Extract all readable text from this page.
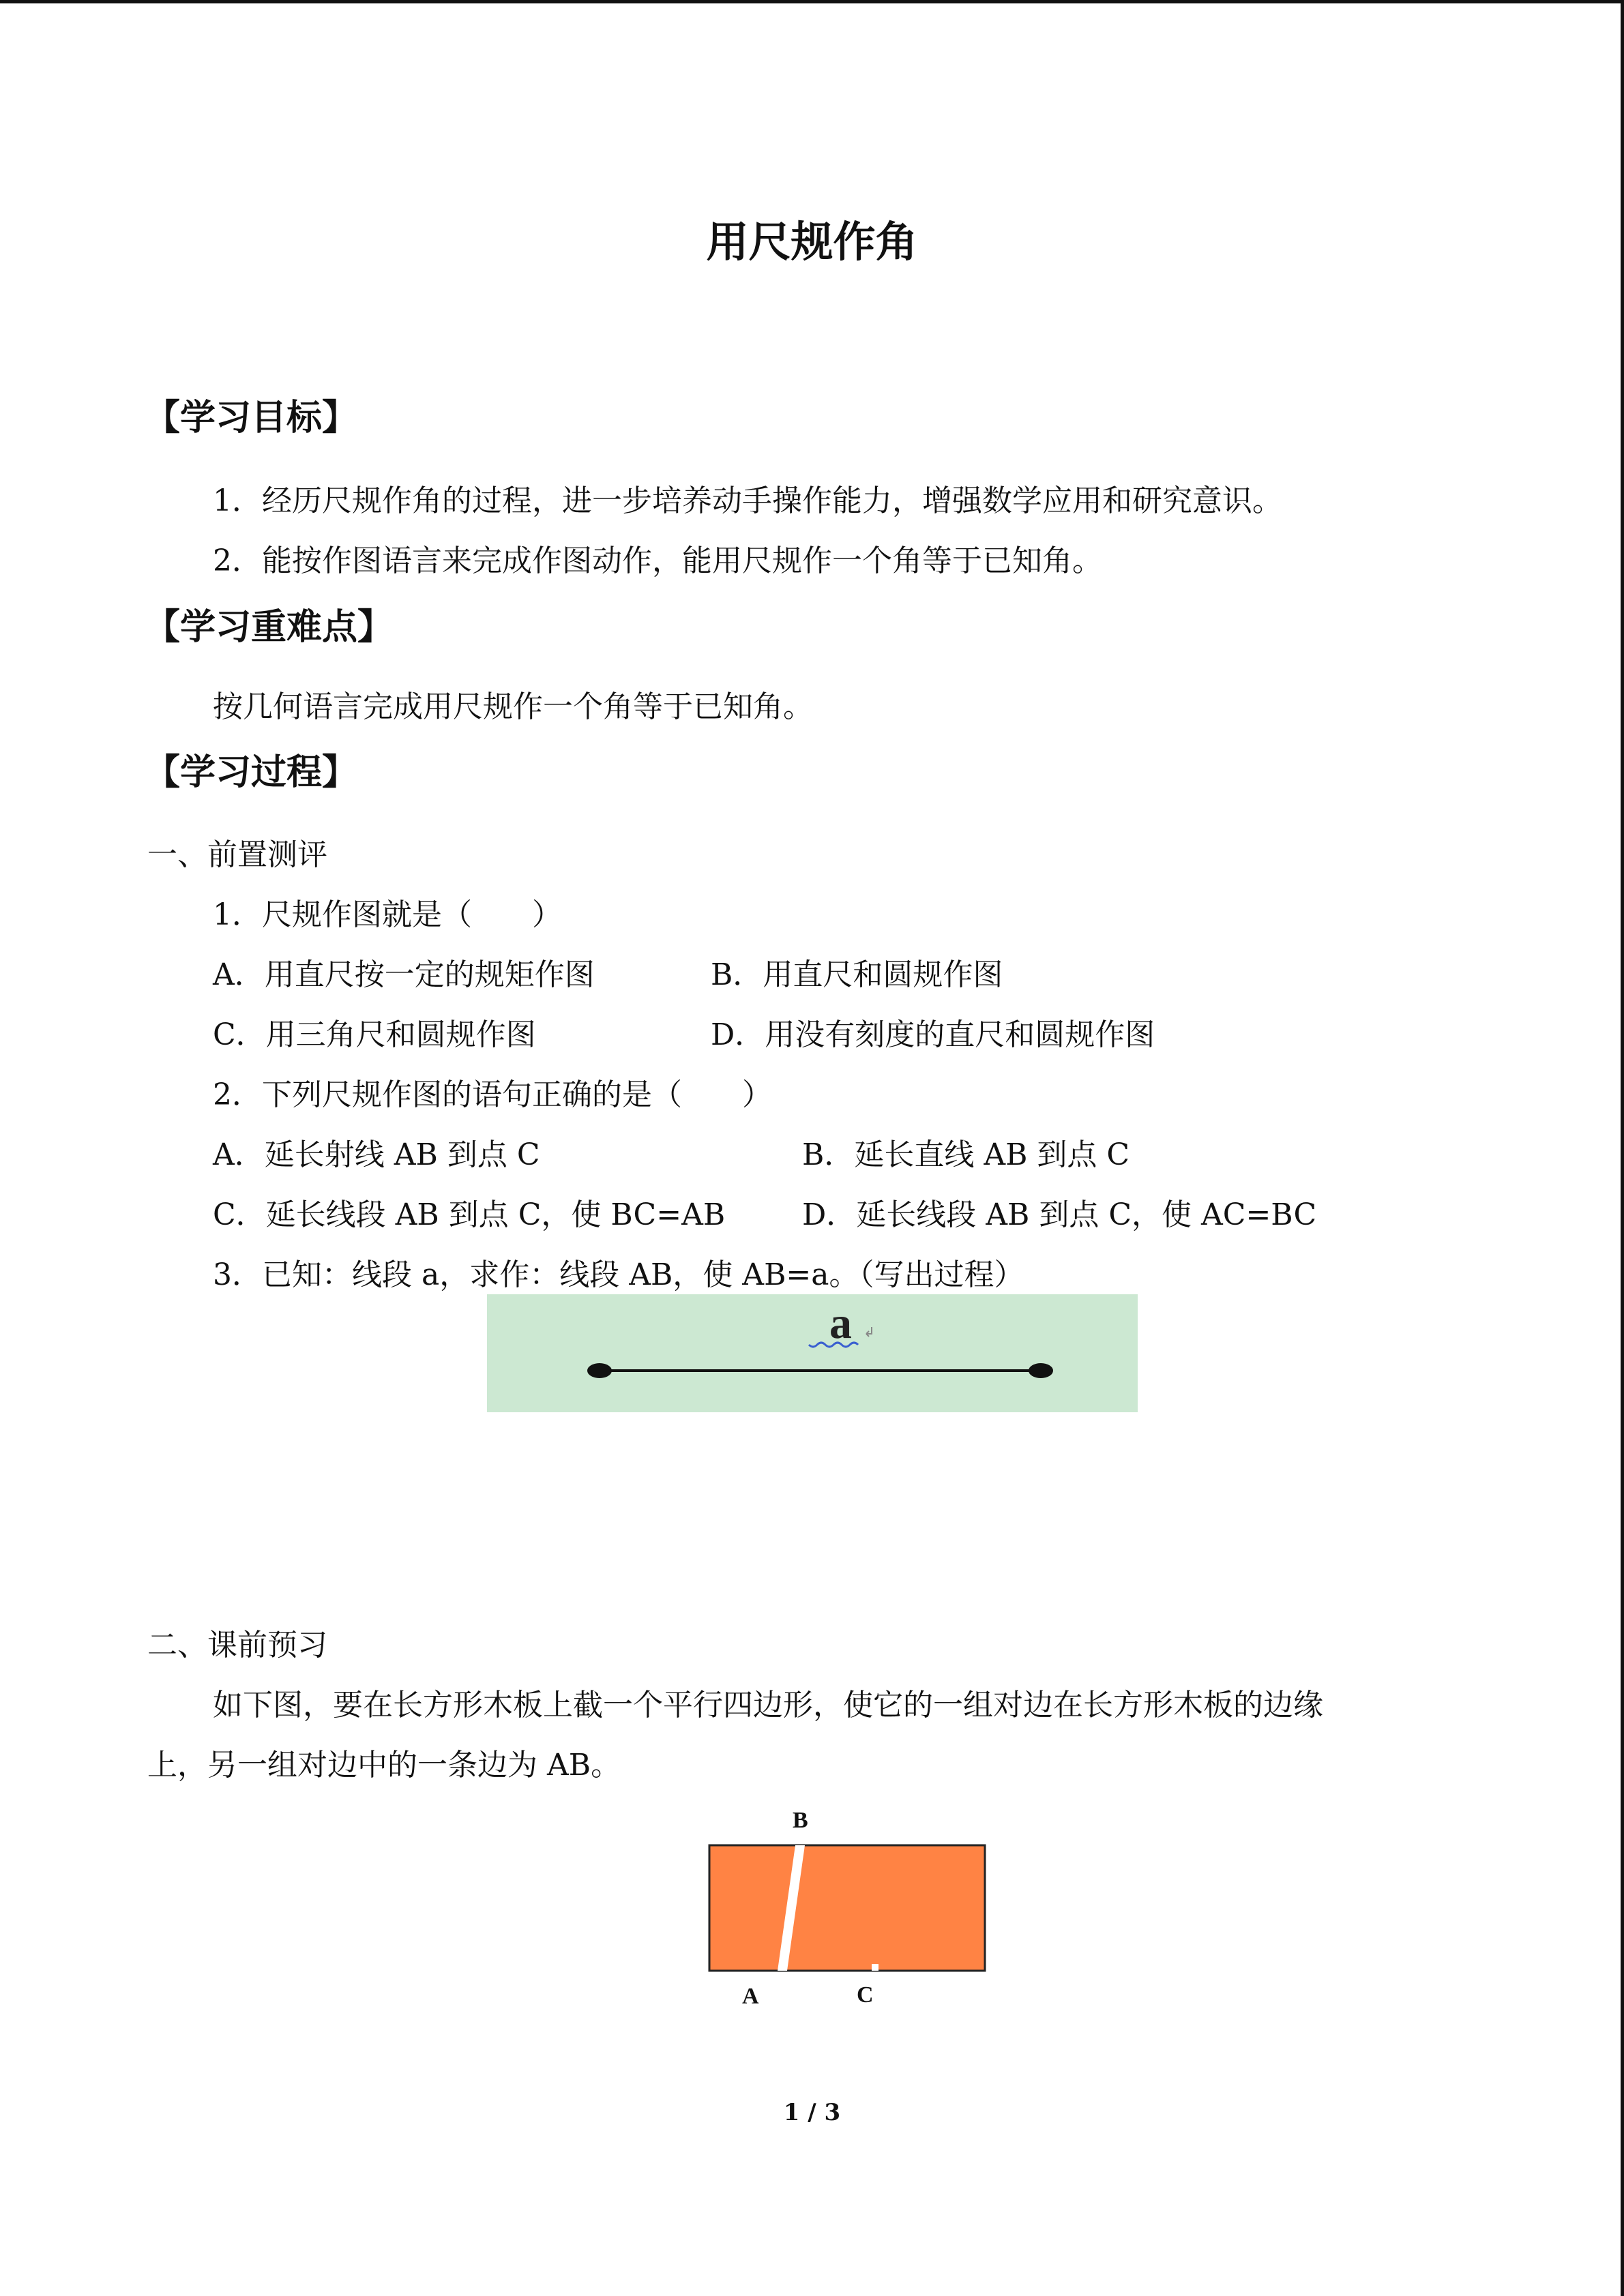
用尺规作角
【学习目标】
1．经历尺规作角的过程，进一步培养动手操作能力，增强数学应用和研究意识。
2．能按作图语言来完成作图动作，能用尺规作一个角等于已知角。
【学习重难点】
按几何语言完成用尺规作一个角等于已知角。
【学习过程】
一、前置测评
1．尺规作图就是（　　）
A．用直尺按一定的规矩作图	B．用直尺和圆规作图
C．用三角尺和圆规作图	D．用没有刻度的直尺和圆规作图
2．下列尺规作图的语句正确的是（　　）
A．延长射线 AB 到点 C	B．延长直线 AB 到点 C
C．延长线段 AB 到点 C，使 BC=AB	D．延长线段 AB 到点 C，使 AC=BC
3．已知：线段 a，求作：线段 AB，使 AB=a。（写出过程）
a
二、课前预习
如下图，要在长方形木板上截一个平行四边形，使它的一组对边在长方形木板的边缘
上，另一组对边中的一条边为 AB。
B
A	C
1 / 3
